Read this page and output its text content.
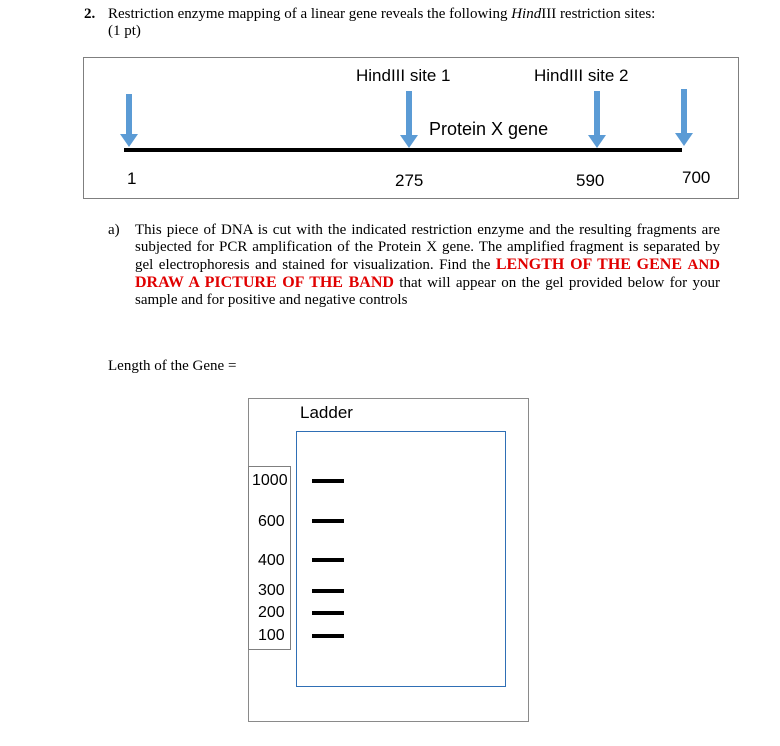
2. Restriction enzyme mapping of a linear gene reveals the following HindIII restriction sites:
(1 pt)
HindIII site 1	HindIII site 2
Protein X gene
1	275	590	700
a) This piece of DNA is cut with the indicated restriction enzyme and the resulting fragments are subjected for PCR amplification of the Protein X gene. The amplified fragment is separated by gel electrophoresis and stained for visualization. Find the LENGTH OF THE GENE AND DRAW A PICTURE OF THE BAND that will appear on the gel provided below for your sample and for positive and negative controls
Length of the Gene =
Ladder
1000
600
400
300
200
100
